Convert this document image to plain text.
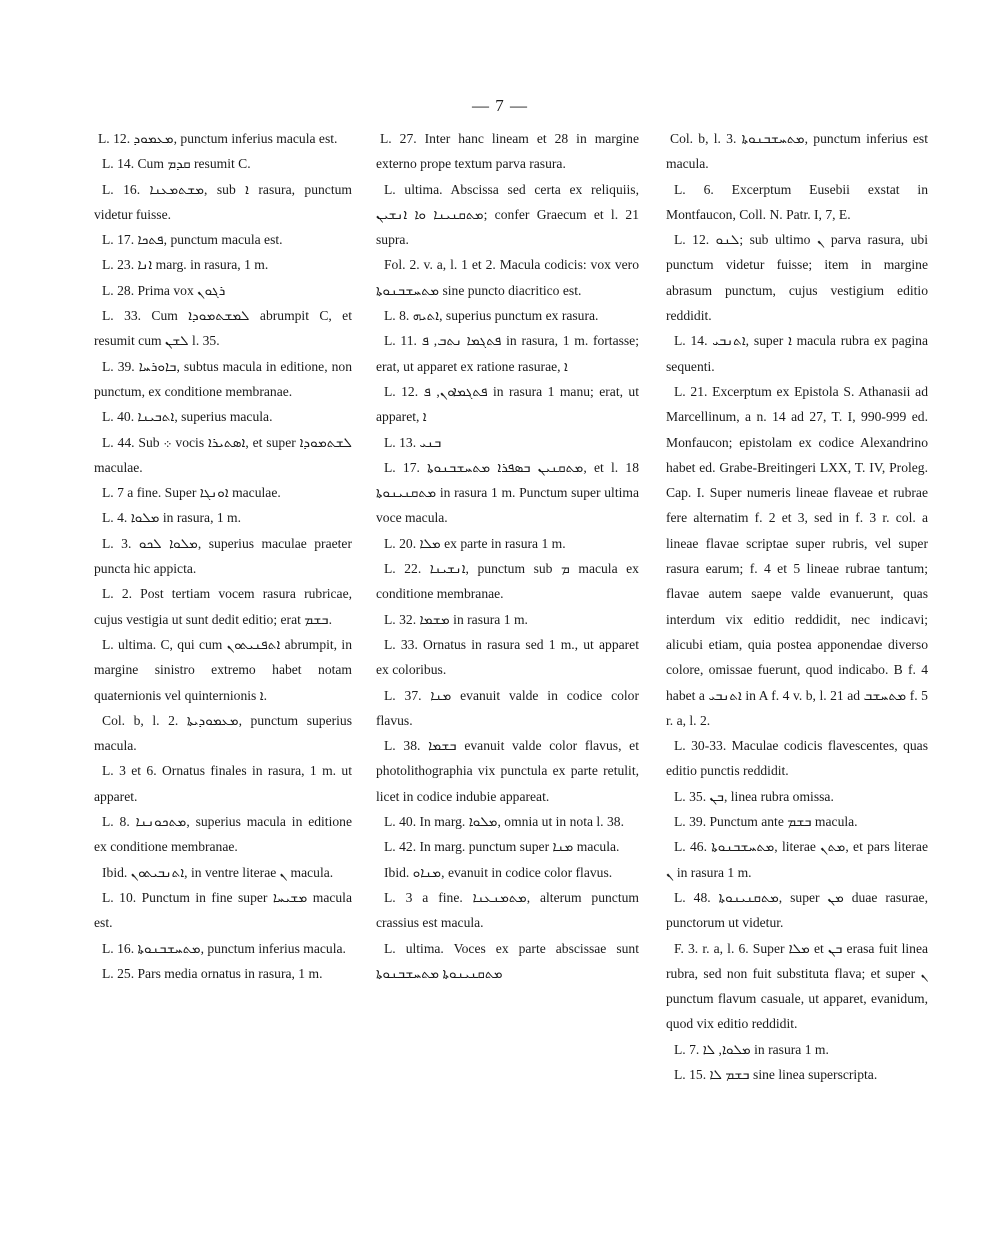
— 7 —

L. 12. ܡܥܡܘܕ, punctum inferius macula est.

L. 14. Cum ܩܕܡ resumit C.

L. 16. ܡܫܬܡܥܢܐ, sub ܐ rasura, punctum videtur fuisse.

L. 17. ܦܬܟܐ, punctum macula est.

L. 23. ܐܢܐ marg. in rasura, 1 m.

L. 28. Prima vox ܪܓܘܢ

L. 33. Cum ܠܡܫܬܡܘܕܐ abrumpit C, et resumit cum ܠܫܢ l. 35.

L. 39. ܒܐܘܪܚܐ, subtus macula in editione, non punctum, ex conditione membranae.

L. 40. ܐܬܒܝܢܐ, superius macula.

L. 44. Sub ܀ vocis ܐܣܬܝܪܐ, et super ܠܫܬܡܘܕܐ maculae.

L. 7 a fine. Super ܐܘܢܓܐ maculae.

L. 4. ܡܠܘܐ in rasura, 1 m.

L. 3. ܡܠܘܐ ܠܟܘ, superius maculae praeter puncta hic appicta.

L. 2. Post tertiam vocem rasura rubricae, cujus vestigia ut sunt dedit editio; erat ܒܫܡ.

L. ultima. C, qui cum ܐܬܦܢܝܬܘܢ abrumpit, in margine sinistro extremo habet notam quaternionis vel quinternionis ܐ.

Col. b, l. 2. ܡܥܡܘܕܝܬܐ, punctum superius macula.

L. 3 et 6. Ornatus finales in rasura, 1 m. ut apparet.

L. 8. ܡܬܟܘܢܢܐ, superius macula in editione ex conditione membranae.

Ibid. ܐܬܢܒܝܬܘܢ, in ventre literae ܢ macula.

L. 10. Punctum in fine super ܡܫܝܚܐ macula est.

L. 16. ܡܬܚܫܒܢܘܬܐ, punctum inferius macula.

L. 25. Pars media ornatus in rasura, 1 m.

L. 27. Inter hanc lineam et 28 in margine externo prope textum parva rasura.

L. ultima. Abscissa sed certa ex reliquiis, ܡܬܩܢܝܢܐ ܘܐ ܐܢܫܝܢ; confer Graecum et l. 21 supra.

Fol. 2. v. a, l. 1 et 2. Macula codicis: vox vero ܡܬܚܫܒܢܘܬܐ sine puncto diacritico est.

L. 8. ܐܬܝܗ, superius punctum ex rasura.

L. 11. ܦܬܓܡܐ ܢܬܒ, ܦ in rasura, 1 m. fortasse; erat, ut apparet ex ratione rasurae, ܐ

L. 12. ܦܬܓܡܐܘܢ, ܦ in rasura 1 manu; erat, ut apparet, ܐ

L. 13. ܒܢܝ

L. 17. ܡܬܩܢܝܢ ܒܣܦܪܐ ܡܬܚܫܒܢܘܬܐ, et l. 18 ܡܬܩܢܝܢܘܬܐ in rasura 1 m. Punctum super ultima voce macula.

L. 20. ܡܠܐ ex parte in rasura 1 m.

L. 22. ܐܢܫܝܢܐ, punctum sub ܡ macula ex conditione membranae.

L. 32. ܡܫܡܐ in rasura 1 m.

L. 33. Ornatus in rasura sed 1 m., ut apparet ex coloribus.

L. 37. ܡܢܐ evanuit valde in codice color flavus.

L. 38. ܒܫܡܐ evanuit valde color flavus, et photolithographia vix punctula ex parte retulit, licet in codice indubie appareat.

L. 40. In marg. ܡܠܘܐ, omnia ut in nota l. 38.

L. 42. In marg. punctum super ܡܢܐ macula.

Ibid. ܡܢܐܘ, evanuit in codice color flavus.

L. 3 a fine. ܡܬܡܢܥܢܐ, alterum punctum crassius est macula.

L. ultima. Voces ex parte abscissae sunt ܡܬܩܢܝܢܘܬܐ ܡܬܚܫܒܢܘܬܐ

Col. b, l. 3. ܡܬܚܫܒܢܘܬܐ, punctum inferius est macula.

L. 6. Excerptum Eusebii exstat in Montfaucon, Coll. N. Patr. I, 7, E.

L. 12. ܠܢܘ; sub ultimo ܢ parva rasura, ubi punctum videtur fuisse; item in margine abrasum punctum, cujus vestigium editio reddidit.

L. 14. ܐܬܢܒܝ, super ܐ macula rubra ex pagina sequenti.

L. 21. Excerptum ex Epistola S. Athanasii ad Marcellinum, a n. 14 ad 27, T. I, 990-999 ed. Monfaucon; epistolam ex codice Alexandrino habet ed. Grabe-Breitingeri LXX, T. IV, Proleg. Cap. I. Super numeris lineae flaveae et rubrae fere alternatim f. 2 et 3, sed in f. 3 r. col. a lineae flavae scriptae super rubris, vel super rasura earum; f. 4 et 5 lineae rubrae tantum; flavae autem saepe valde evanuerunt, quas interdum vix editio reddidit, nec indicavi; alicubi etiam, quia postea apponendae diverso colore, omissae fuerunt, quod indicabo. B f. 4 habet a ܐܬܢܒܝ in A f. 4 v. b, l. 21 ad ܡܬܚܫܒ f. 5 r. a, l. 2.

L. 30-33. Maculae codicis flavescentes, quas editio punctis reddidit.

L. 35. ܒܢ, linea rubra omissa.

L. 39. Punctum ante ܒܫܡ macula.

L. 46. ܡܬܚܫܒܢܘܬܐ, literae ܡܬܢ, et pars literae ܢ in rasura 1 m.

L. 48. ܡܬܩܢܝܢܘܬܐ, super ܡܢ duae rasurae, punctorum ut videtur.

F. 3. r. a, l. 6. Super ܡܠܐ et ܒܢ erasa fuit linea rubra, sed non fuit substituta flava; et super ܢ punctum flavum casuale, ut apparet, evanidum, quod vix editio reddidit.

L. 7. ܡܠܘܐ, ܠܐ in rasura 1 m.

L. 15. ܒܫܡ ܠܐ sine linea superscripta.
